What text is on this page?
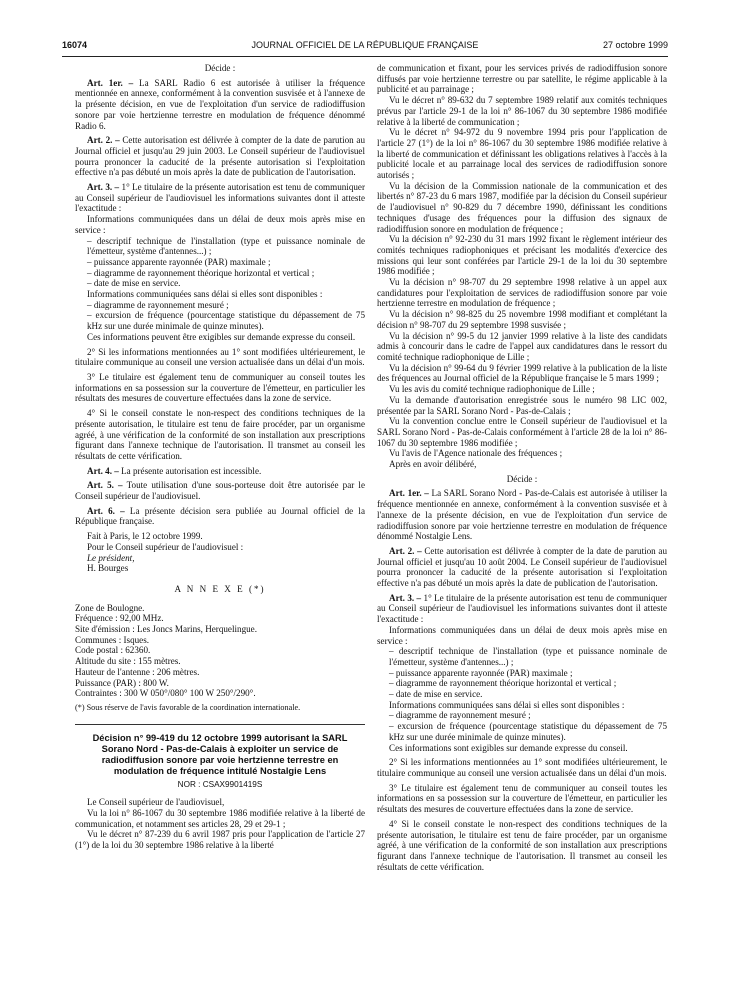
16074	JOURNAL OFFICIEL DE LA RÉPUBLIQUE FRANÇAISE	27 octobre 1999

Décide :

Art. 1er. – La SARL Radio 6 est autorisée à utiliser la fréquence mentionnée en annexe, conformément à la convention susvisée et à l'annexe de la présente décision, en vue de l'exploitation d'un service de radiodiffusion sonore par voie hertzienne terrestre en modulation de fréquence dénommé Radio 6.

Art. 2. – Cette autorisation est délivrée à compter de la date de parution au Journal officiel et jusqu'au 29 juin 2003. Le Conseil supérieur de l'audiovisuel pourra prononcer la caducité de la présente autorisation si l'exploitation effective n'a pas débuté un mois après la date de publication de l'autorisation.

Art. 3. – 1° Le titulaire de la présente autorisation est tenu de communiquer au Conseil supérieur de l'audiovisuel les informations suivantes dont il atteste l'exactitude :

Informations communiquées dans un délai de deux mois après mise en service :

– descriptif technique de l'installation (type et puissance nominale de l'émetteur, système d'antennes...) ;

– puissance apparente rayonnée (PAR) maximale ;

– diagramme de rayonnement théorique horizontal et vertical ;

– date de mise en service.

Informations communiquées sans délai si elles sont disponibles :

– diagramme de rayonnement mesuré ;

– excursion de fréquence (pourcentage statistique du dépassement de 75 kHz sur une durée minimale de quinze minutes).

Ces informations peuvent être exigibles sur demande expresse du conseil.

2° Si les informations mentionnées au 1° sont modifiées ultérieurement, le titulaire communique au conseil une version actualisée dans un délai d'un mois.

3° Le titulaire est également tenu de communiquer au conseil toutes les informations en sa possession sur la couverture de l'émetteur, en particulier les résultats des mesures de couverture effectuées dans la zone de service.

4° Si le conseil constate le non-respect des conditions techniques de la présente autorisation, le titulaire est tenu de faire procéder, par un organisme agréé, à une vérification de la conformité de son installation aux prescriptions figurant dans l'annexe technique de l'autorisation. Il transmet au conseil les résultats de cette vérification.

Art. 4. – La présente autorisation est incessible.

Art. 5. – Toute utilisation d'une sous-porteuse doit être autorisée par le Conseil supérieur de l'audiovisuel.

Art. 6. – La présente décision sera publiée au Journal officiel de la République française.

Fait à Paris, le 12 octobre 1999.

Pour le Conseil supérieur de l'audiovisuel :

Le président,

H. Bourges

A N N E X E (*)

Zone de Boulogne.

Fréquence : 92,00 MHz.

Site d'émission : Les Joncs Marins, Herquelingue.

Communes : Isques.

Code postal : 62360.

Altitude du site : 155 mètres.

Hauteur de l'antenne : 206 mètres.

Puissance (PAR) : 800 W.

Contraintes : 300 W 050°/080° 100 W 250°/290°.

(*) Sous réserve de l'avis favorable de la coordination internationale.

Décision n° 99-419 du 12 octobre 1999 autorisant la SARL Sorano Nord - Pas-de-Calais à exploiter un service de radiodiffusion sonore par voie hertzienne terrestre en modulation de fréquence intitulé Nostalgie Lens
NOR : CSAX9901419S

Le Conseil supérieur de l'audiovisuel,

Vu la loi n° 86-1067 du 30 septembre 1986 modifiée relative à la liberté de communication, et notamment ses articles 28, 29 et 29-1 ;

Vu le décret n° 87-239 du 6 avril 1987 pris pour l'application de l'article 27 (1°) de la loi du 30 septembre 1986 relative à la liberté

de communication et fixant, pour les services privés de radiodiffusion sonore diffusés par voie hertzienne terrestre ou par satellite, le régime applicable à la publicité et au parrainage ;

Vu le décret n° 89-632 du 7 septembre 1989 relatif aux comités techniques prévus par l'article 29-1 de la loi n° 86-1067 du 30 septembre 1986 modifiée relative à la liberté de communication ;

Vu le décret n° 94-972 du 9 novembre 1994 pris pour l'application de l'article 27 (1°) de la loi n° 86-1067 du 30 septembre 1986 modifiée relative à la liberté de communication et définissant les obligations relatives à l'accès à la publicité locale et au parrainage local des services de radiodiffusion sonore autorisés ;

Vu la décision de la Commission nationale de la communication et des libertés n° 87-23 du 6 mars 1987, modifiée par la décision du Conseil supérieur de l'audiovisuel n° 90-829 du 7 décembre 1990, définissant les conditions techniques d'usage des fréquences pour la diffusion des signaux de radiodiffusion sonore en modulation de fréquence ;

Vu la décision n° 92-230 du 31 mars 1992 fixant le règlement intérieur des comités techniques radiophoniques et précisant les modalités d'exercice des missions qui leur sont conférées par l'article 29-1 de la loi du 30 septembre 1986 modifiée ;

Vu la décision n° 98-707 du 29 septembre 1998 relative à un appel aux candidatures pour l'exploitation de services de radiodiffusion sonore par voie hertzienne terrestre en modulation de fréquence ;

Vu la décision n° 98-825 du 25 novembre 1998 modifiant et complétant la décision n° 98-707 du 29 septembre 1998 susvisée ;

Vu la décision n° 99-5 du 12 janvier 1999 relative à la liste des candidats admis à concourir dans le cadre de l'appel aux candidatures dans le ressort du comité technique radiophonique de Lille ;

Vu la décision n° 99-64 du 9 février 1999 relative à la publication de la liste des fréquences au Journal officiel de la République française le 5 mars 1999 ;

Vu les avis du comité technique radiophonique de Lille ;

Vu la demande d'autorisation enregistrée sous le numéro 98 LIC 002, présentée par la SARL Sorano Nord - Pas-de-Calais ;

Vu la convention conclue entre le Conseil supérieur de l'audiovisuel et la SARL Sorano Nord - Pas-de-Calais conformément à l'article 28 de la loi n° 86-1067 du 30 septembre 1986 modifiée ;

Vu l'avis de l'Agence nationale des fréquences ;

Après en avoir délibéré,

Décide :

Art. 1er. – La SARL Sorano Nord - Pas-de-Calais est autorisée à utiliser la fréquence mentionnée en annexe, conformément à la convention susvisée et à l'annexe de la présente décision, en vue de l'exploitation d'un service de radiodiffusion sonore par voie hertzienne terrestre en modulation de fréquence dénommé Nostalgie Lens.

Art. 2. – Cette autorisation est délivrée à compter de la date de parution au Journal officiel et jusqu'au 10 août 2004. Le Conseil supérieur de l'audiovisuel pourra prononcer la caducité de la présente autorisation si l'exploitation effective n'a pas débuté un mois après la date de publication de l'autorisation.

Art. 3. – 1° Le titulaire de la présente autorisation est tenu de communiquer au Conseil supérieur de l'audiovisuel les informations suivantes dont il atteste l'exactitude :

Informations communiquées dans un délai de deux mois après mise en service :

– descriptif technique de l'installation (type et puissance nominale de l'émetteur, système d'antennes...) ;

– puissance apparente rayonnée (PAR) maximale ;

– diagramme de rayonnement théorique horizontal et vertical ;

– date de mise en service.

Informations communiquées sans délai si elles sont disponibles :

– diagramme de rayonnement mesuré ;

– excursion de fréquence (pourcentage statistique du dépassement de 75 kHz sur une durée minimale de quinze minutes).

Ces informations sont exigibles sur demande expresse du conseil.

2° Si les informations mentionnées au 1° sont modifiées ultérieurement, le titulaire communique au conseil une version actualisée dans un délai d'un mois.

3° Le titulaire est également tenu de communiquer au conseil toutes les informations en sa possession sur la couverture de l'émetteur, en particulier les résultats des mesures de couverture effectuées dans la zone de service.

4° Si le conseil constate le non-respect des conditions techniques de la présente autorisation, le titulaire est tenu de faire procéder, par un organisme agréé, à une vérification de la conformité de son installation aux prescriptions figurant dans l'annexe technique de l'autorisation. Il transmet au conseil les résultats de cette vérification.
